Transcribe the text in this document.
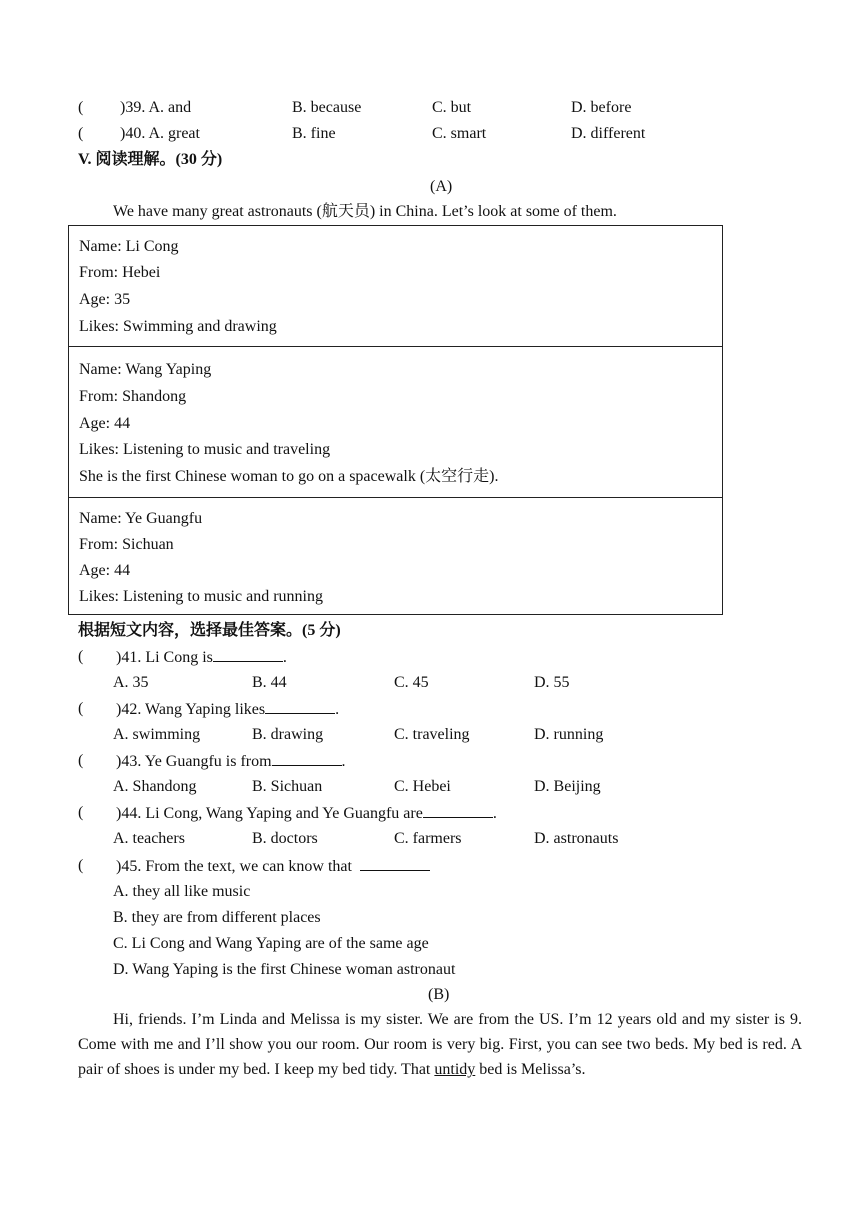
( )39. A. and	B. because	C. but	D. before
( )40. A. great	B. fine	C. smart	D. different
V. 阅读理解。(30 分)
(A)
We have many great astronauts (航天员) in China. Let’s look at some of them.
Name: Li Cong
From: Hebei
Age: 35
Likes: Swimming and drawing
Name: Wang Yaping
From: Shandong
Age: 44
Likes: Listening to music and traveling
She is the first Chinese woman to go on a spacewalk (太空行走).
Name: Ye Guangfu
From: Sichuan
Age: 44
Likes: Listening to music and running
根据短文内容，选择最佳答案。(5 分)
( )41. Li Cong is	.
A. 35	B. 44	C. 45	D. 55
( )42. Wang Yaping likes	.
A. swimming	B. drawing	C. traveling	D. running
( )43. Ye Guangfu is from	.
A. Shandong	B. Sichuan	C. Hebei	D. Beijing
( )44. Li Cong, Wang Yaping and Ye Guangfu are	.
A. teachers	B. doctors	C. farmers	D. astronauts
( )45. From the text, we can know that
A. they all like music
B. they are from different places
C. Li Cong and Wang Yaping are of the same age
D. Wang Yaping is the first Chinese woman astronaut
(B)
Hi, friends. I’m Linda and Melissa is my sister. We are from the US. I’m 12 years old and my sister is 9. Come with me and I’ll show you our room. Our room is very big. First, you can see two beds. My bed is red. A pair of shoes is under my bed. I keep my bed tidy. That untidy bed is Melissa’s.
